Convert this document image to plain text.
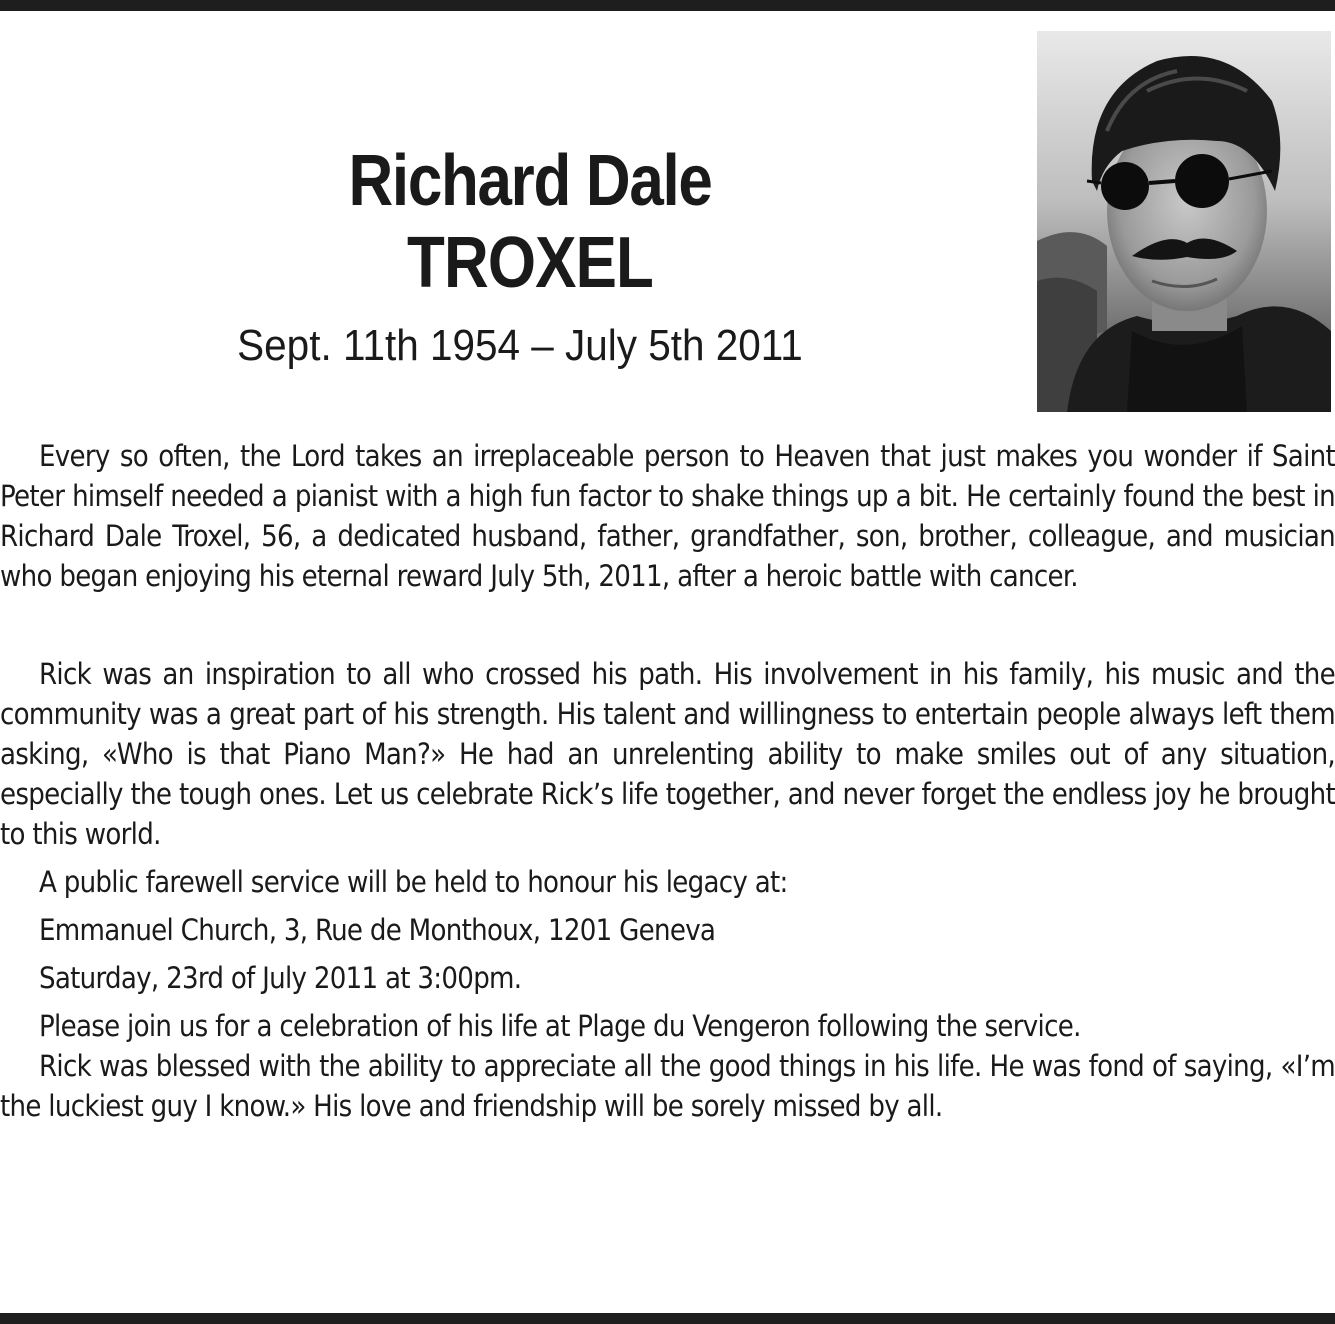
Richard Dale
TROXEL
Sept. 11th 1954 – July 5th 2011

Every so often, the Lord takes an irreplaceable person to Heaven that just makes you wonder if Saint Peter himself needed a pianist with a high fun factor to shake things up a bit. He certainly found the best in Richard Dale Troxel, 56, a dedicated husband, father, grandfather, son, brother, colleague, and musician who began enjoying his eternal reward July 5th, 2011, after a heroic battle with cancer.

Rick was an inspiration to all who crossed his path. His involvement in his family, his music and the community was a great part of his strength. His talent and willingness to entertain people always left them asking, «Who is that Piano Man?» He had an unrelenting ability to make smiles out of any situation, especially the tough ones. Let us celebrate Rick’s life together, and never forget the endless joy he brought to this world.

A public farewell service will be held to honour his legacy at:

Emmanuel Church, 3, Rue de Monthoux, 1201 Geneva

Saturday, 23rd of July 2011 at 3:00pm.

Please join us for a celebration of his life at Plage du Vengeron following the service.

Rick was blessed with the ability to appreciate all the good things in his life. He was fond of saying, «I’m the luckiest guy I know.» His love and friendship will be sorely missed by all.
